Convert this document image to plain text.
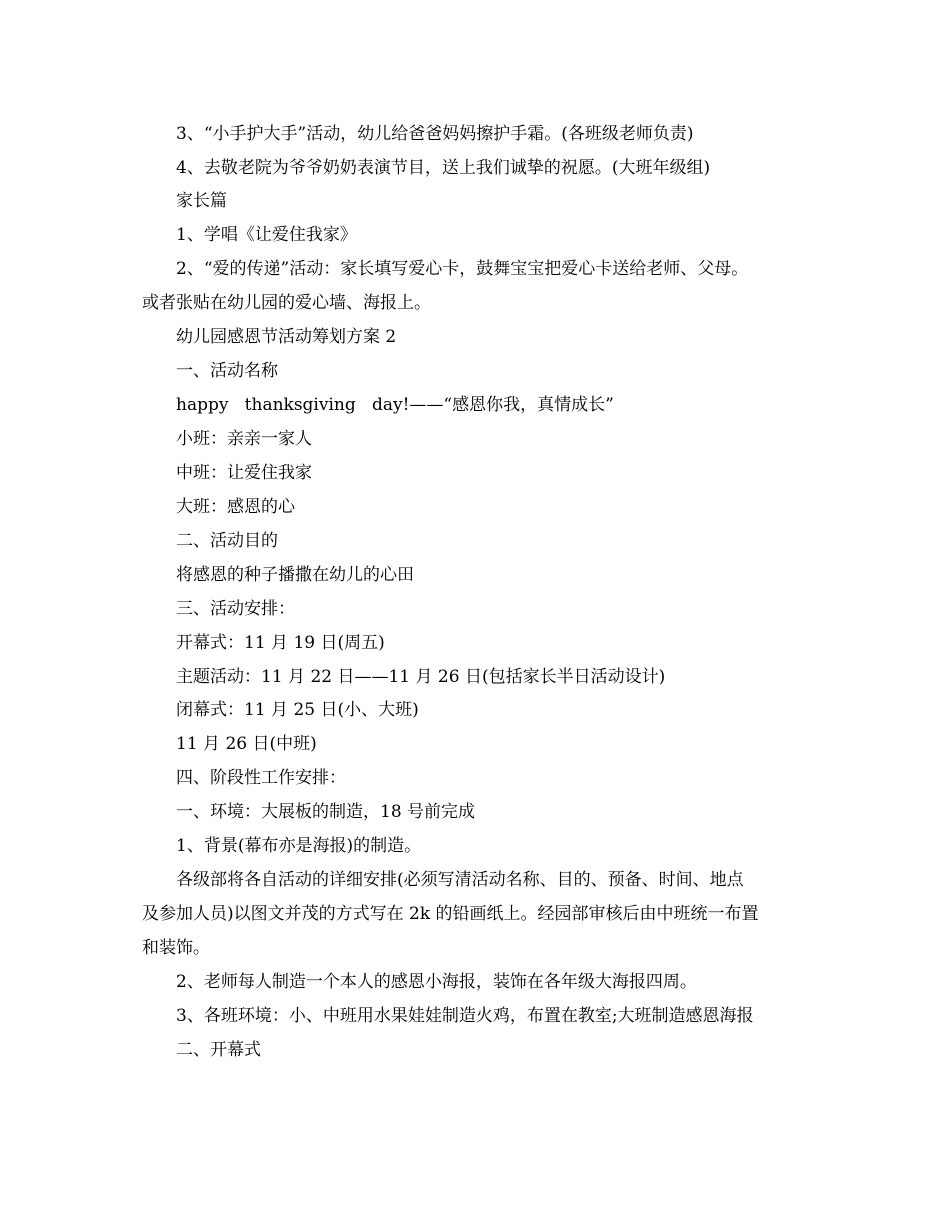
3、“小手护大手”活动，幼儿给爸爸妈妈擦护手霜。(各班级老师负责)
4、去敬老院为爷爷奶奶表演节目，送上我们诚挚的祝愿。(大班年级组)
家长篇
1、学唱《让爱住我家》
2、“爱的传递”活动：家长填写爱心卡，鼓舞宝宝把爱心卡送给老师、父母。
或者张贴在幼儿园的爱心墙、海报上。
幼儿园感恩节活动筹划方案 2
一、活动名称
happy   thanksgiving   day!——“感恩你我，真情成长”
小班：亲亲一家人
中班：让爱住我家
大班：感恩的心
二、活动目的
将感恩的种子播撒在幼儿的心田
三、活动安排：
开幕式：11 月 19 日(周五)
主题活动：11 月 22 日——11 月 26 日(包括家长半日活动设计)
闭幕式：11 月 25 日(小、大班)
11 月 26 日(中班)
四、阶段性工作安排：
一、环境：大展板的制造，18 号前完成
1、背景(幕布亦是海报)的制造。
各级部将各自活动的详细安排(必须写清活动名称、目的、预备、时间、地点
及参加人员)以图文并茂的方式写在 2k 的铅画纸上。经园部审核后由中班统一布置
和装饰。
2、老师每人制造一个本人的感恩小海报，装饰在各年级大海报四周。
3、各班环境：小、中班用水果娃娃制造火鸡，布置在教室;大班制造感恩海报
二、开幕式
